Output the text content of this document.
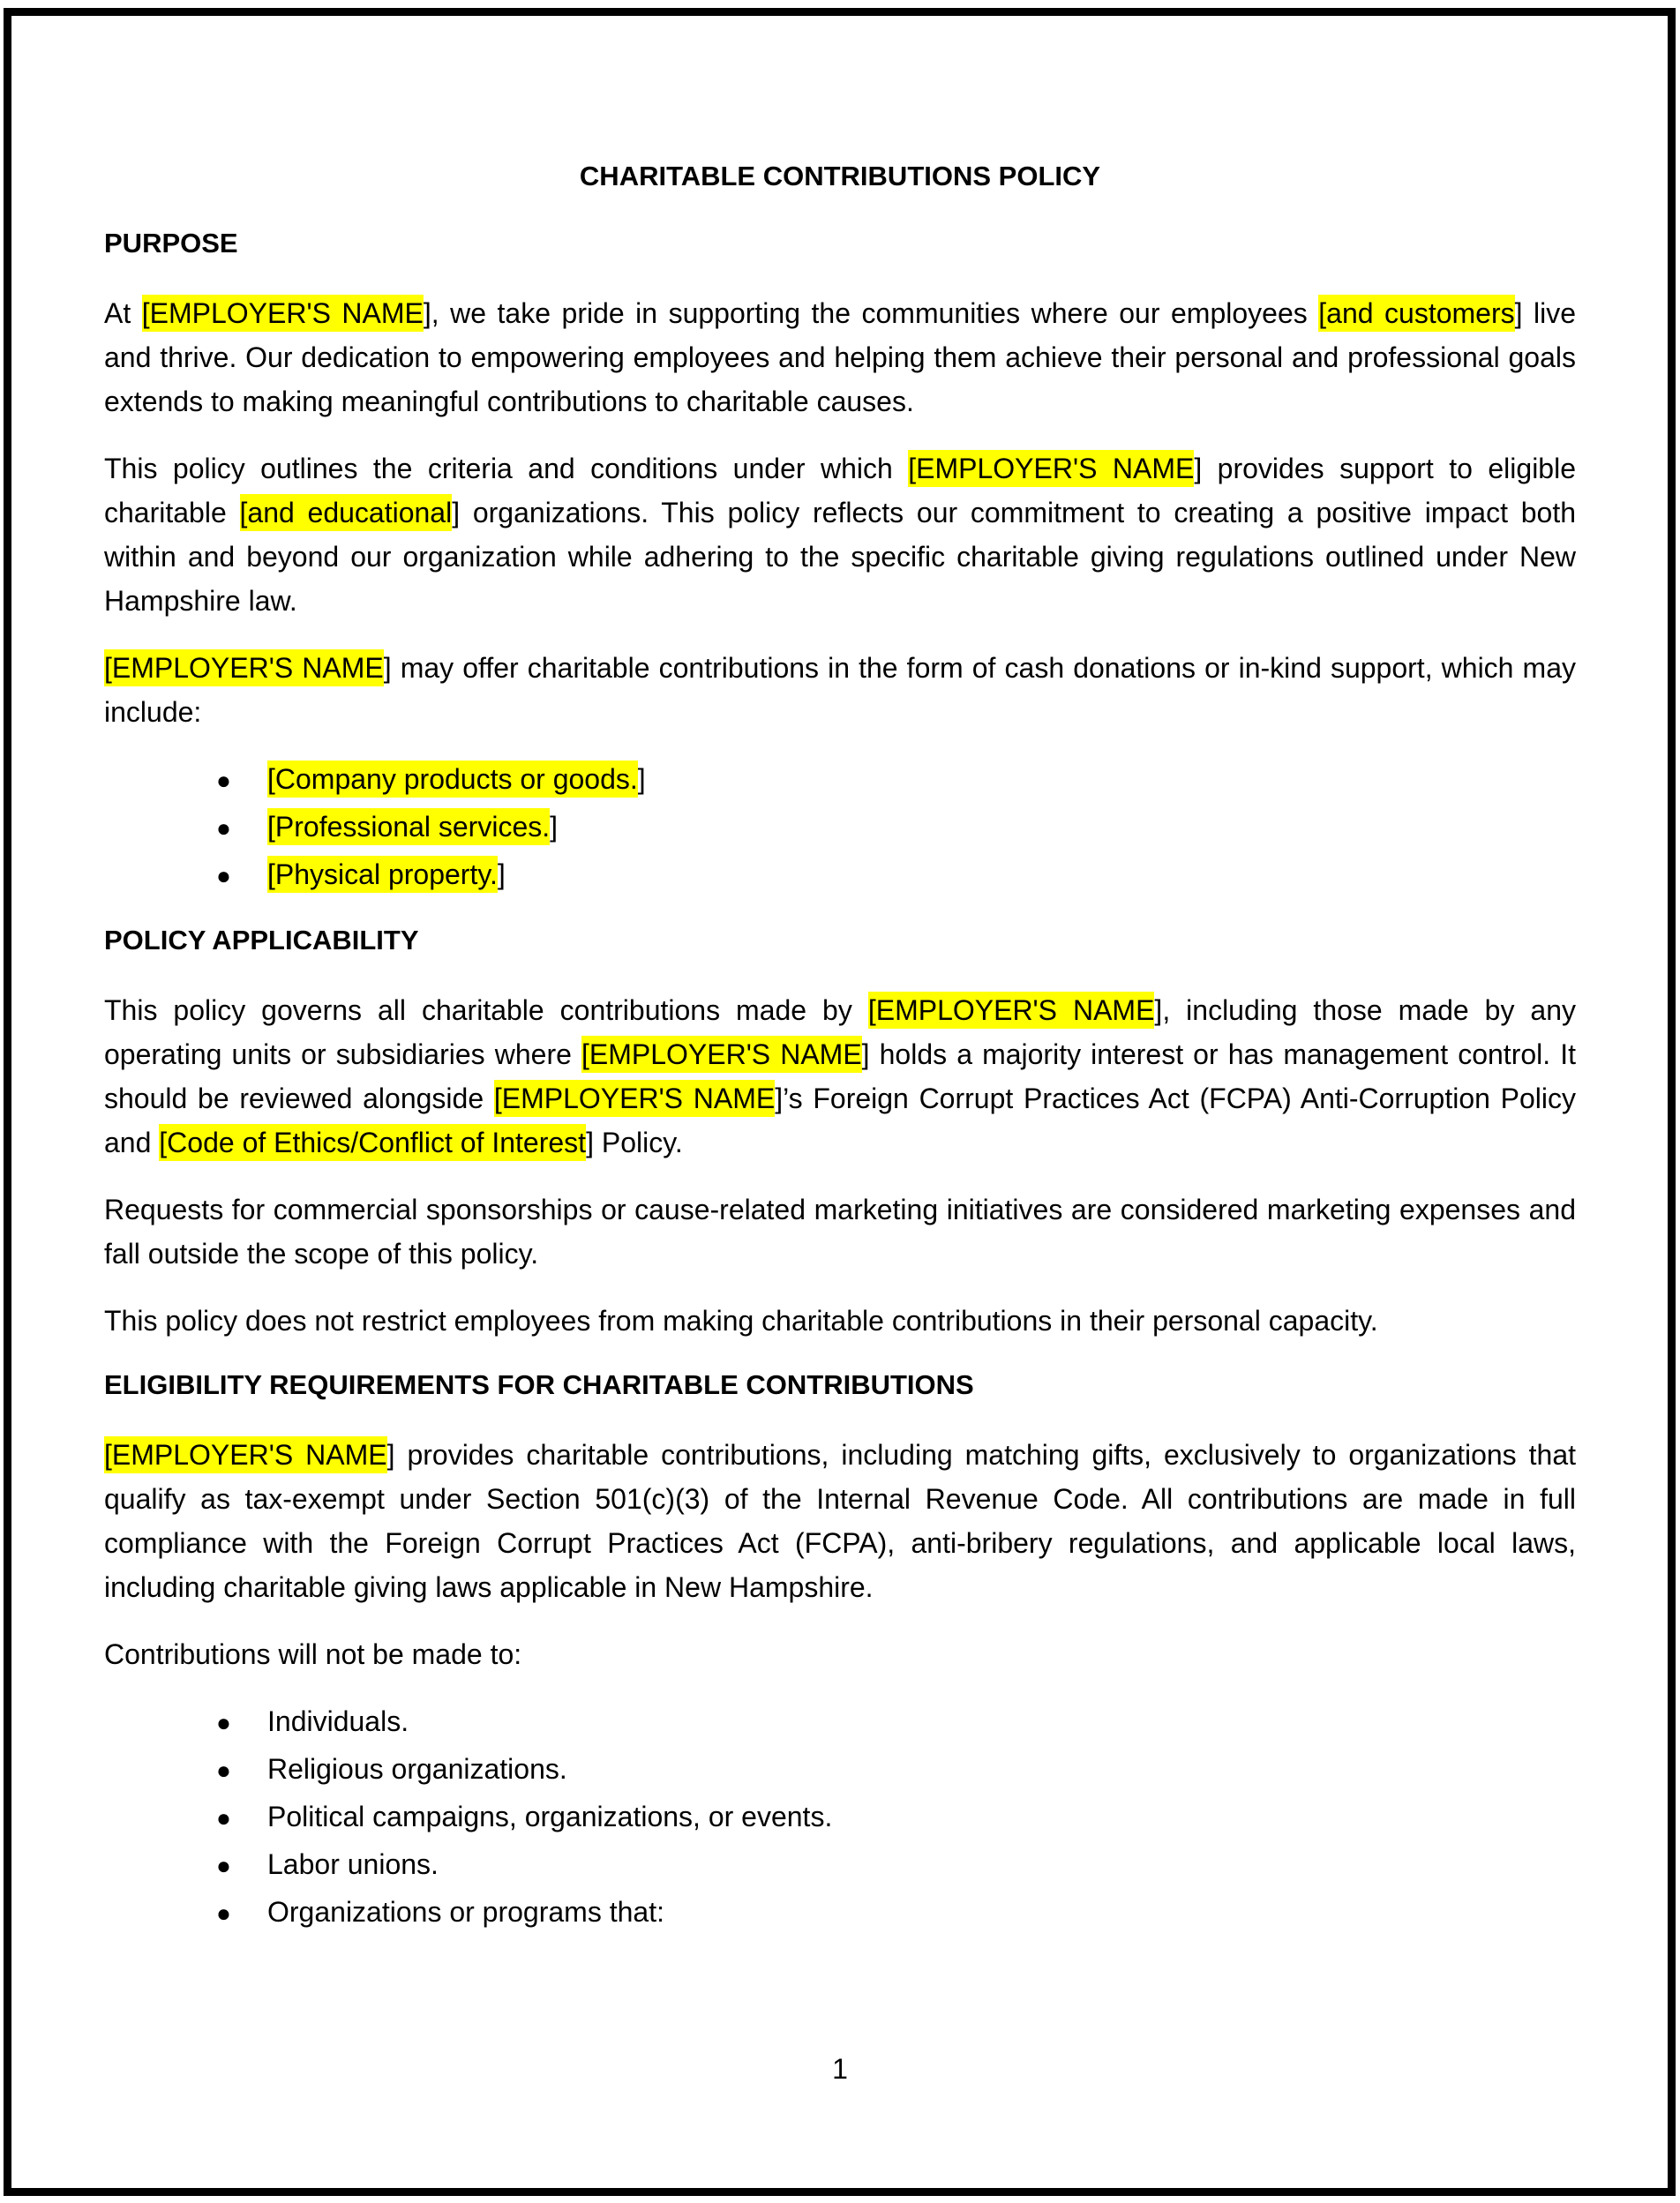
CHARITABLE CONTRIBUTIONS POLICY
PURPOSE

At [EMPLOYER'S NAME], we take pride in supporting the communities where our employees [and customers] live and thrive. Our dedication to empowering employees and helping them achieve their personal and professional goals extends to making meaningful contributions to charitable causes.

This policy outlines the criteria and conditions under which [EMPLOYER'S NAME] provides support to eligible charitable [and educational] organizations. This policy reflects our commitment to creating a positive impact both within and beyond our organization while adhering to the specific charitable giving regulations outlined under New Hampshire law.

[EMPLOYER'S NAME] may offer charitable contributions in the form of cash donations or in-kind support, which may include:

●	[Company products or goods.]
●	[Professional services.]
●	[Physical property.]
POLICY APPLICABILITY

This policy governs all charitable contributions made by [EMPLOYER'S NAME], including those made by any operating units or subsidiaries where [EMPLOYER'S NAME] holds a majority interest or has management control. It should be reviewed alongside [EMPLOYER'S NAME]’s Foreign Corrupt Practices Act (FCPA) Anti-Corruption Policy and [Code of Ethics/Conflict of Interest] Policy.

Requests for commercial sponsorships or cause-related marketing initiatives are considered marketing expenses and fall outside the scope of this policy.

This policy does not restrict employees from making charitable contributions in their personal capacity.

ELIGIBILITY REQUIREMENTS FOR CHARITABLE CONTRIBUTIONS

[EMPLOYER'S NAME] provides charitable contributions, including matching gifts, exclusively to organizations that qualify as tax-exempt under Section 501(c)(3) of the Internal Revenue Code. All contributions are made in full compliance with the Foreign Corrupt Practices Act (FCPA), anti-bribery regulations, and applicable local laws, including charitable giving laws applicable in New Hampshire.

Contributions will not be made to:

●	Individuals.
●	Religious organizations.
●	Political campaigns, organizations, or events.
●	Labor unions.
●	Organizations or programs that:
1
